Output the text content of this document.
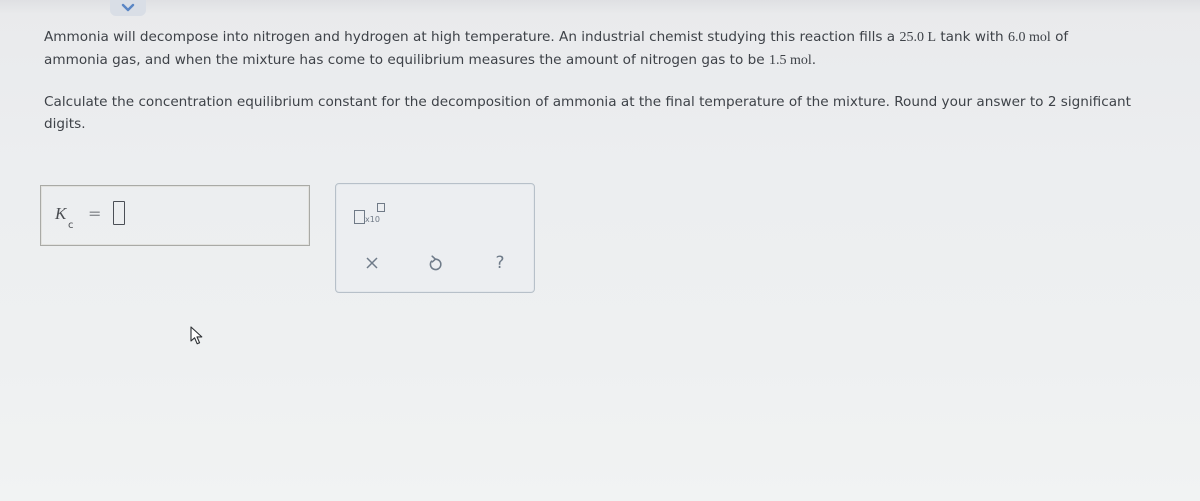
Ammonia will decompose into nitrogen and hydrogen at high temperature. An industrial chemist studying this reaction fills a 25.0 L tank with 6.0 mol of
ammonia gas, and when the mixture has come to equilibrium measures the amount of nitrogen gas to be 1.5 mol.
Calculate the concentration equilibrium constant for the decomposition of ammonia at the final temperature of the mixture. Round your answer to 2 significant digits.
K
c
=	x10
?
